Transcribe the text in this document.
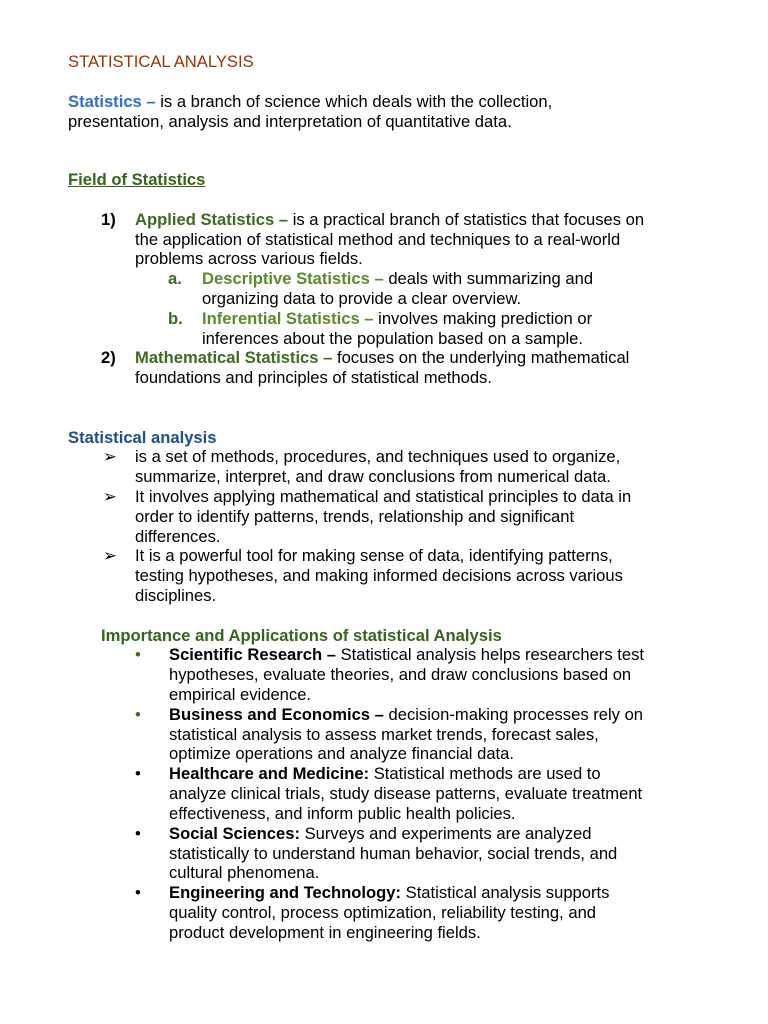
STATISTICAL ANALYSIS
Statistics – is a branch of science which deals with the collection,
presentation, analysis and interpretation of quantitative data.
Field of Statistics
1) Applied Statistics – is a practical branch of statistics that focuses on
the application of statistical method and techniques to a real-world
problems across various fields.
a. Descriptive Statistics – deals with summarizing and
organizing data to provide a clear overview.
b. Inferential Statistics – involves making prediction or
inferences about the population based on a sample.
2) Mathematical Statistics – focuses on the underlying mathematical
foundations and principles of statistical methods.
Statistical analysis
➢ is a set of methods, procedures, and techniques used to organize,
summarize, interpret, and draw conclusions from numerical data.
➢ It involves applying mathematical and statistical principles to data in
order to identify patterns, trends, relationship and significant
differences.
➢ It is a powerful tool for making sense of data, identifying patterns,
testing hypotheses, and making informed decisions across various
disciplines.
Importance and Applications of statistical Analysis
• Scientific Research – Statistical analysis helps researchers test
hypotheses, evaluate theories, and draw conclusions based on
empirical evidence.
• Business and Economics – decision-making processes rely on
statistical analysis to assess market trends, forecast sales,
optimize operations and analyze financial data.
• Healthcare and Medicine: Statistical methods are used to
analyze clinical trials, study disease patterns, evaluate treatment
effectiveness, and inform public health policies.
• Social Sciences: Surveys and experiments are analyzed
statistically to understand human behavior, social trends, and
cultural phenomena.
• Engineering and Technology: Statistical analysis supports
quality control, process optimization, reliability testing, and
product development in engineering fields.
